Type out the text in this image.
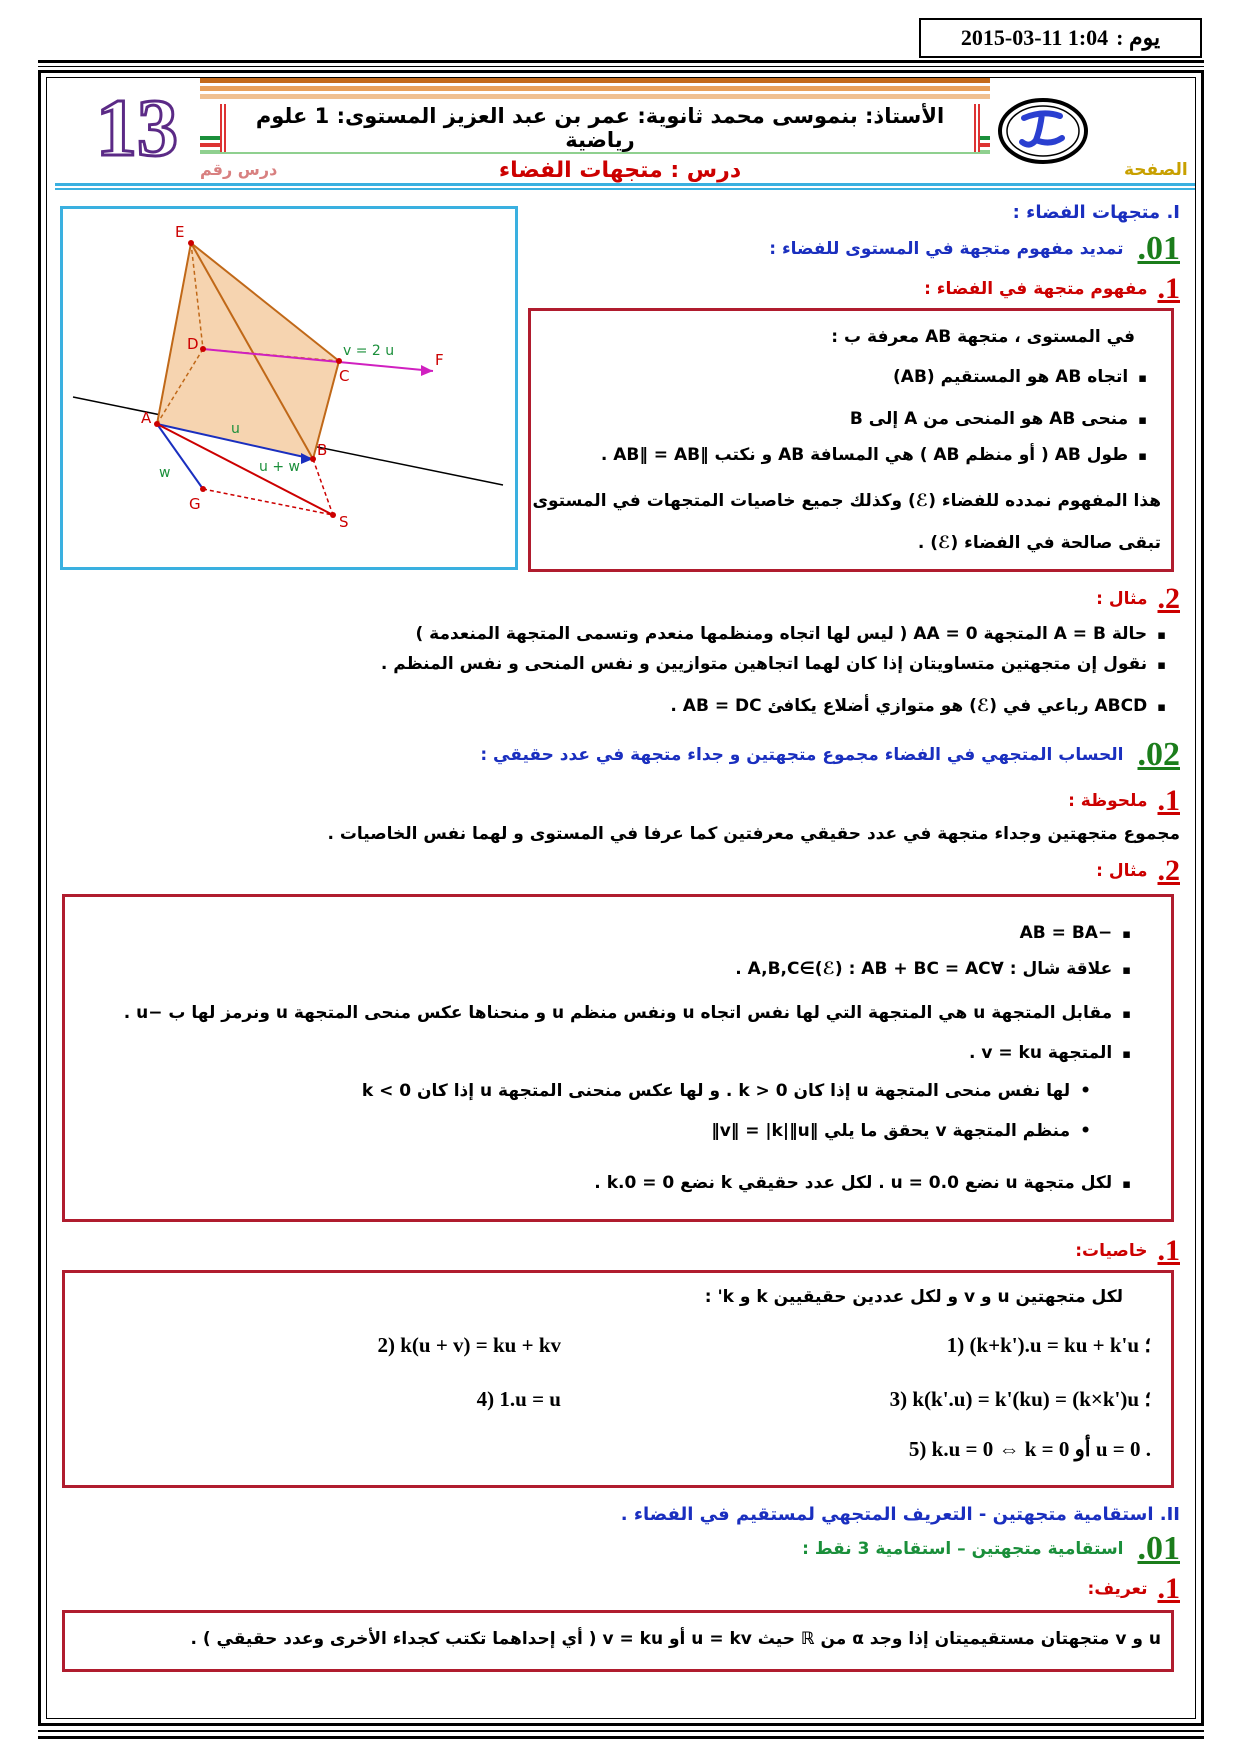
يوم :
2015-03-11 1:04
13 درس رقم
الأستاذ: بنموسى محمد ثانوية: عمر بن عبد العزيز المستوى: 1 علوم رياضية
الصفحة
درس : متجهات الفضاء
I. متجهات الفضاء :
01.
تمديد مفهوم متجهة في المستوى للفضاء :
1.
مفهوم متجهة في الفضاء :
في المستوى ، متجهة AB معرفة ب :
▪ اتجاه AB هو المستقيم (AB)
▪ منحى AB هو المنحى من A إلى B
▪ طول AB ( أو منظم AB ) هي المسافة AB و نكتب ‖AB‖ = AB .
هذا المفهوم نمدده للفضاء (ℰ) وكذلك جميع خاصيات المتجهات في المستوى
تبقى صالحة في الفضاء (ℰ) .
E
D
C
F
A
B
G
S
u
w
v = 2 u
u + w
2.
مثال :
▪ حالة A = B المتجهة AA = 0 ( ليس لها اتجاه ومنظمها منعدم وتسمى المتجهة المنعدمة )
▪ نقول إن متجهتين متساويتان إذا كان لهما اتجاهين متوازيين و نفس المنحى و نفس المنظم .
▪ ABCD رباعي في (ℰ) هو متوازي أضلاع يكافئ AB = DC .
02.
الحساب المتجهي في الفضاء مجموع متجهتين و جداء متجهة في عدد حقيقي :
1.
ملحوظة :
مجموع متجهتين وجداء متجهة في عدد حقيقي معرفتين كما عرفا في المستوى و لهما نفس الخاصيات .
2.
مثال :
▪ −AB = BA
▪ علاقة شال : ∀A,B,C∈(ℰ) : AB + BC = AC .
▪ مقابل المتجهة u هي المتجهة التي لها نفس اتجاه u ونفس منظم u و منحناها عكس منحى المتجهة u ونرمز لها ب −u .
▪ المتجهة v = ku .
• لها نفس منحى المتجهة u إذا كان k > 0 . و لها عكس منحنى المتجهة u إذا كان k < 0
• منظم المتجهة v يحقق ما يلي ‖v‖ = |k|‖u‖
▪ لكل متجهة u نضع 0.u = 0 . لكل عدد حقيقي k نضع k.0 = 0 .
1.
خاصيات:
لكل متجهتين u و v و لكل عددين حقيقيين k و k' :
1) (k+k').u = ku + k'u ؛
2) k(u + v) = ku + kv
3) k(k'.u) = k'(ku) = (k×k')u ؛
4) 1.u = u
5) k.u = 0 ⇔ k = 0 أو u = 0 .
II. استقامية متجهتين - التعريف المتجهي لمستقيم في الفضاء .
01.
استقامية متجهتين – استقامية 3 نقط :
1.
تعريف:
u و v متجهتان مستقيميتان إذا وجد α من ℝ حيث u = kv أو v = ku ( أي إحداهما تكتب كجداء الأخرى وعدد حقيقي ) .
